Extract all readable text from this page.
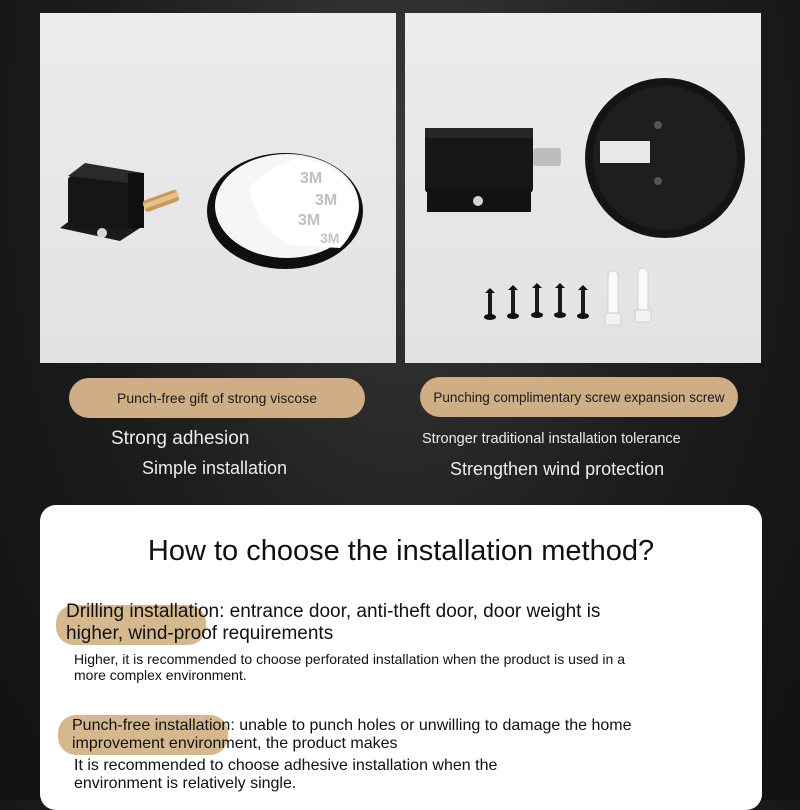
3M
3M
3M
3M
Punch-free gift of strong viscose	Punching complimentary screw expansion screw
Strong adhesion
Simple installation
Stronger traditional installation tolerance
Strengthen wind protection
How to choose the installation method?
Drilling installation: entrance door, anti-theft door, door weight is
higher, wind-proof requirements
Higher, it is recommended to choose perforated installation when the product is used in a
more complex environment.
Punch-free installation: unable to punch holes or unwilling to damage the home
improvement environment, the product makes
It is recommended to choose adhesive installation when the
environment is relatively single.
